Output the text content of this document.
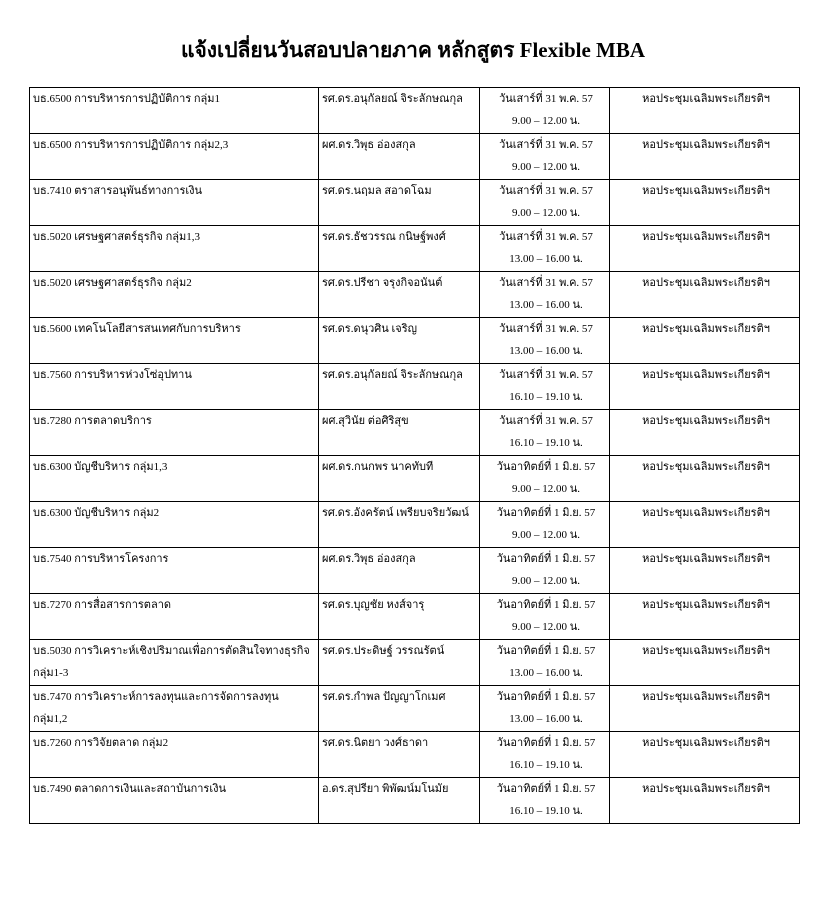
แจ้งเปลี่ยนวันสอบปลายภาค หลักสูตร Flexible MBA
บธ.6500 การบริหารการปฏิบัติการ กลุ่ม1	รศ.ดร.อนุกัลยณ์ จิระลักษณกุล	วันเสาร์ที่ 31 พ.ค. 57
9.00 – 12.00 น.	หอประชุมเฉลิมพระเกียรติฯ

บธ.6500 การบริหารการปฏิบัติการ กลุ่ม2,3	ผศ.ดร.วิพุธ อ่องสกุล	วันเสาร์ที่ 31 พ.ค. 57
9.00 – 12.00 น.	หอประชุมเฉลิมพระเกียรติฯ

บธ.7410 ตราสารอนุพันธ์ทางการเงิน	รศ.ดร.นฤมล สอาดโฉม	วันเสาร์ที่ 31 พ.ค. 57
9.00 – 12.00 น.	หอประชุมเฉลิมพระเกียรติฯ

บธ.5020 เศรษฐศาสตร์ธุรกิจ กลุ่ม1,3	รศ.ดร.ธัชวรรณ กนิษฐ์พงศ์	วันเสาร์ที่ 31 พ.ค. 57
13.00 – 16.00 น.	หอประชุมเฉลิมพระเกียรติฯ

บธ.5020 เศรษฐศาสตร์ธุรกิจ กลุ่ม2	รศ.ดร.ปรีชา จรุงกิจอนันต์	วันเสาร์ที่ 31 พ.ค. 57
13.00 – 16.00 น.	หอประชุมเฉลิมพระเกียรติฯ

บธ.5600 เทคโนโลยีสารสนเทศกับการบริหาร	รศ.ดร.ดนุวศิน เจริญ	วันเสาร์ที่ 31 พ.ค. 57
13.00 – 16.00 น.	หอประชุมเฉลิมพระเกียรติฯ

บธ.7560 การบริหารห่วงโซ่อุปทาน	รศ.ดร.อนุกัลยณ์ จิระลักษณกุล	วันเสาร์ที่ 31 พ.ค. 57
16.10 – 19.10 น.	หอประชุมเฉลิมพระเกียรติฯ

บธ.7280 การตลาดบริการ	ผศ.สุวินัย ต่อศิริสุข	วันเสาร์ที่ 31 พ.ค. 57
16.10 – 19.10 น.	หอประชุมเฉลิมพระเกียรติฯ

บธ.6300 บัญชีบริหาร กลุ่ม1,3	ผศ.ดร.กนกพร นาคทับที	วันอาทิตย์ที่ 1 มิ.ย. 57
9.00 – 12.00 น.	หอประชุมเฉลิมพระเกียรติฯ

บธ.6300 บัญชีบริหาร กลุ่ม2	รศ.ดร.อังครัตน์ เพรียบจริยวัฒน์	วันอาทิตย์ที่ 1 มิ.ย. 57
9.00 – 12.00 น.	หอประชุมเฉลิมพระเกียรติฯ

บธ.7540 การบริหารโครงการ	ผศ.ดร.วิพุธ อ่องสกุล	วันอาทิตย์ที่ 1 มิ.ย. 57
9.00 – 12.00 น.	หอประชุมเฉลิมพระเกียรติฯ

บธ.7270 การสื่อสารการตลาด	รศ.ดร.บุญชัย หงส์จารุ	วันอาทิตย์ที่ 1 มิ.ย. 57
9.00 – 12.00 น.	หอประชุมเฉลิมพระเกียรติฯ

บธ.5030 การวิเคราะห์เชิงปริมาณเพื่อการตัดสินใจทางธุรกิจ
กลุ่ม1-3	รศ.ดร.ประดิษฐ์ วรรณรัตน์	วันอาทิตย์ที่ 1 มิ.ย. 57
13.00 – 16.00 น.	หอประชุมเฉลิมพระเกียรติฯ

บธ.7470 การวิเคราะห์การลงทุนและการจัดการลงทุน
กลุ่ม1,2	รศ.ดร.กำพล ปัญญาโกเมศ	วันอาทิตย์ที่ 1 มิ.ย. 57
13.00 – 16.00 น.	หอประชุมเฉลิมพระเกียรติฯ

บธ.7260 การวิจัยตลาด กลุ่ม2	รศ.ดร.นิตยา วงศ์ธาดา	วันอาทิตย์ที่ 1 มิ.ย. 57
16.10 – 19.10 น.	หอประชุมเฉลิมพระเกียรติฯ

บธ.7490 ตลาดการเงินและสถาบันการเงิน	อ.ดร.สุปรียา พิพัฒน์มโนมัย	วันอาทิตย์ที่ 1 มิ.ย. 57
16.10 – 19.10 น.	หอประชุมเฉลิมพระเกียรติฯ
